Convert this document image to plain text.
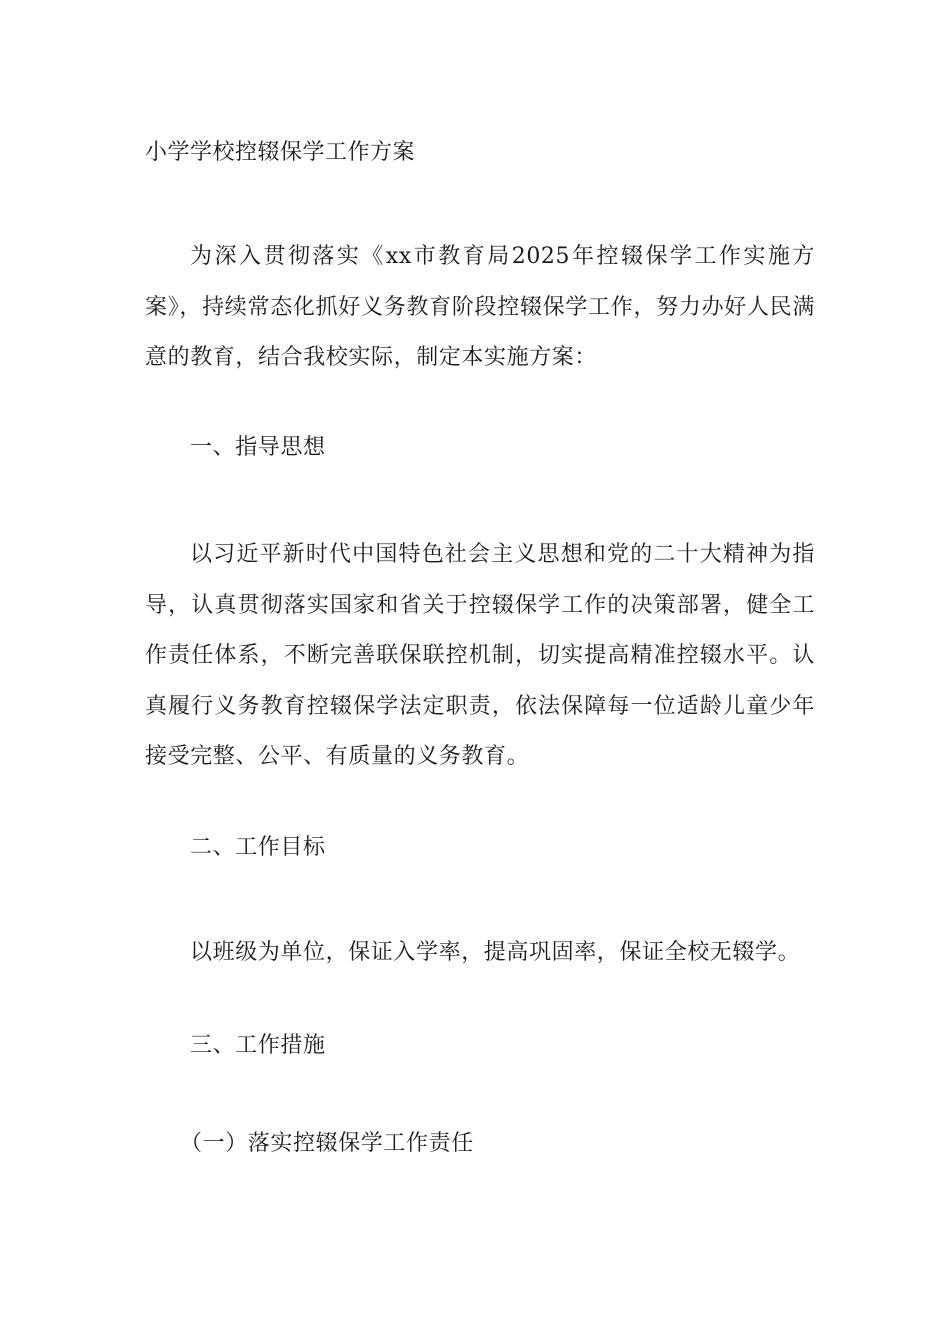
小学学校控辍保学工作方案

为深入贯彻落实《xx市教育局2025年控辍保学工作实施方案》，持续常态化抓好义务教育阶段控辍保学工作，努力办好人民满意的教育，结合我校实际，制定本实施方案：

一、指导思想

以习近平新时代中国特色社会主义思想和党的二十大精神为指导，认真贯彻落实国家和省关于控辍保学工作的决策部署，健全工作责任体系，不断完善联保联控机制，切实提高精准控辍水平。认真履行义务教育控辍保学法定职责，依法保障每一位适龄儿童少年接受完整、公平、有质量的义务教育。

二、工作目标

以班级为单位，保证入学率，提高巩固率，保证全校无辍学。

三、工作措施
（一）落实控辍保学工作责任
